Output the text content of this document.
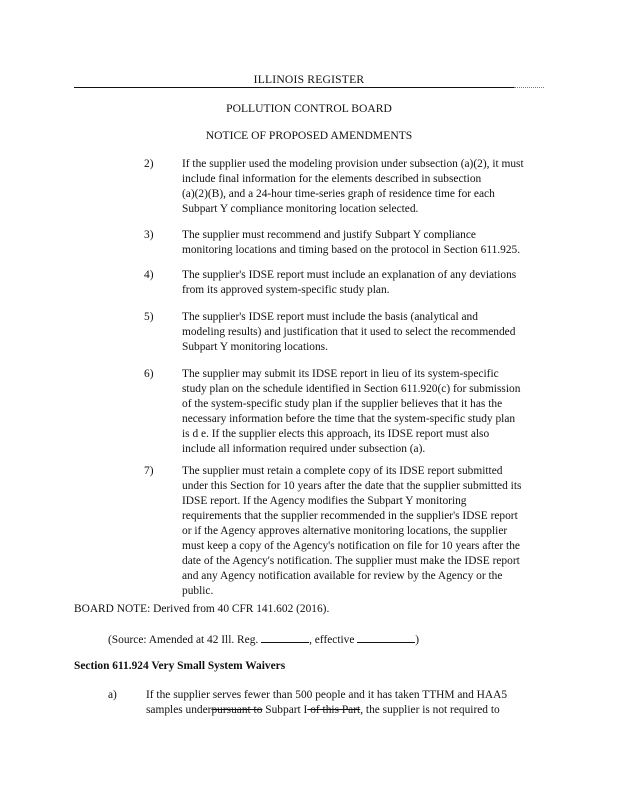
ILLINOIS REGISTER
POLLUTION CONTROL BOARD
NOTICE OF PROPOSED AMENDMENTS
2)	If the supplier used the modeling provision under subsection (a)(2), it must
include final information for the elements described in subsection
(a)(2)(B), and a 24-hour time-series graph of residence time for each
Subpart Y compliance monitoring location selected.
3)	The supplier must recommend and justify Subpart Y compliance
monitoring locations and timing based on the protocol in Section 611.925.
4)	The supplier's IDSE report must include an explanation of any deviations
from its approved system-specific study plan.
5)	The supplier's IDSE report must include the basis (analytical and
modeling results) and justification that it used to select the recommended
Subpart Y monitoring locations.
6)	The supplier may submit its IDSE report in lieu of its system-specific
study plan on the schedule identified in Section 611.920(c) for submission
of the system-specific study plan if the supplier believes that it has the
necessary information before the time that the system-specific study plan
is d e. If the supplier elects this approach, its IDSE report must also
include all information required under subsection (a).
7)	The supplier must retain a complete copy of its IDSE report submitted
under this Section for 10 years after the date that the supplier submitted its
IDSE report. If the Agency modifies the Subpart Y monitoring
requirements that the supplier recommended in the supplier's IDSE report
or if the Agency approves alternative monitoring locations, the supplier
must keep a copy of the Agency's notification on file for 10 years after the
date of the Agency's notification. The supplier must make the IDSE report
and any Agency notification available for review by the Agency or the
public.
BOARD NOTE: Derived from 40 CFR 141.602 (2016).
(Source: Amended at 42 Ill. Reg.	, effective	)
Section 611.924 Very Small System Waivers
a)	If the supplier serves fewer than 500 people and it has taken TTHM and HAA5
samples underpursuant to Subpart I of this Part, the supplier is not required to
